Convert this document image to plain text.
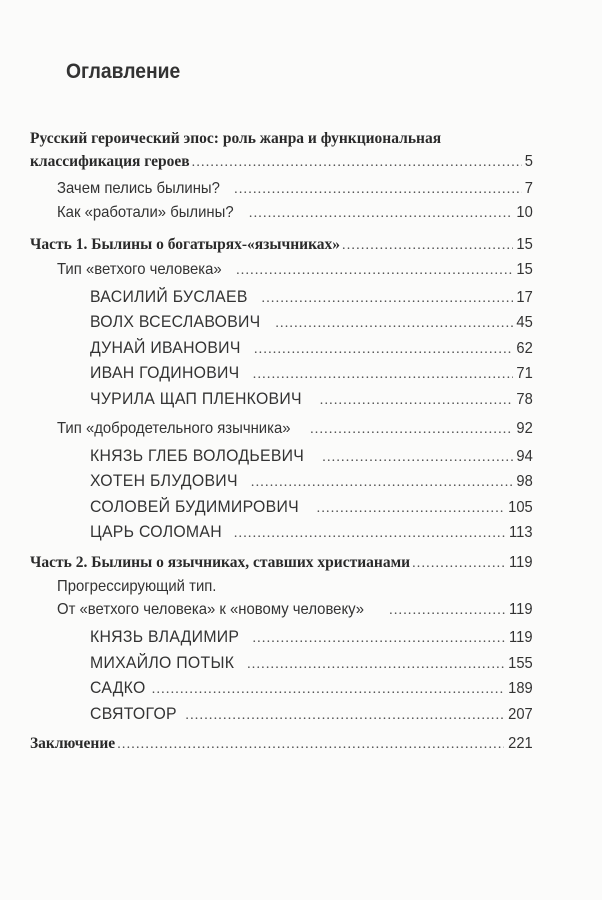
Оглавление
Русский героический эпос: роль жанра и функциональная
классификация героев .....	5
Зачем пелись былины? .....	7
Как «работали» былины? .....	10
Часть 1. Былины о богатырях-«язычниках» .....	15
Тип «ветхого человека» .....	15
ВАСИЛИЙ БУСЛАЕВ .....	17
ВОЛХ ВСЕСЛАВОВИЧ .....	45
ДУНАЙ ИВАНОВИЧ .....	62
ИВАН ГОДИНОВИЧ .....	71
ЧУРИЛА ЩАП ПЛЕНКОВИЧ .....	78
Тип «добродетельного язычника» .....	92
КНЯЗЬ ГЛЕБ ВОЛОДЬЕВИЧ .....	94
ХОТЕН БЛУДОВИЧ .....	98
СОЛОВЕЙ БУДИМИРОВИЧ .....	105
ЦАРЬ СОЛОМАН .....	113
Часть 2. Былины о язычниках, ставших христианами .....	119
Прогрессирующий тип.
От «ветхого человека» к «новому человеку» .....	119
КНЯЗЬ ВЛАДИМИР .....	119
МИХАЙЛО ПОТЫК .....	155
САДКО .....	189
СВЯТОГОР .....	207
Заключение .....	221
